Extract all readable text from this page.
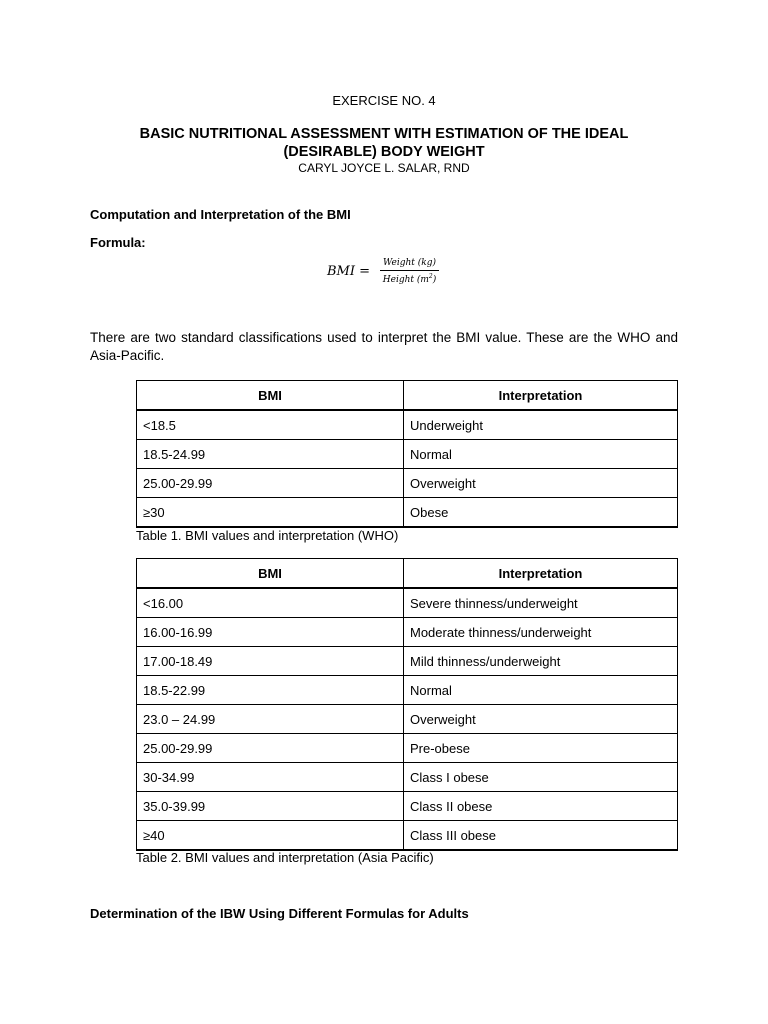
EXERCISE NO. 4
BASIC NUTRITIONAL ASSESSMENT WITH ESTIMATION OF THE IDEAL
(DESIRABLE) BODY WEIGHT
CARYL JOYCE L. SALAR, RND
Computation and Interpretation of the BMI
Formula:
BMI = $\frac{\text{Weight (kg)}}{Height (m^2)}$
There are two standard classifications used to interpret the BMI value. These are the WHO and Asia-Pacific.
BMI	Interpretation
<18.5	Underweight
18.5-24.99	Normal
25.00-29.99	Overweight
≥30	Obese
Table 1. BMI values and interpretation (WHO)
BMI	Interpretation
<16.00	Severe thinness/underweight
16.00-16.99	Moderate thinness/underweight
17.00-18.49	Mild thinness/underweight
18.5-22.99	Normal
23.0 – 24.99	Overweight
25.00-29.99	Pre-obese
30-34.99	Class I obese
35.0-39.99	Class II obese
≥40	Class III obese
Table 2. BMI values and interpretation (Asia Pacific)
Determination of the IBW Using Different Formulas for Adults
